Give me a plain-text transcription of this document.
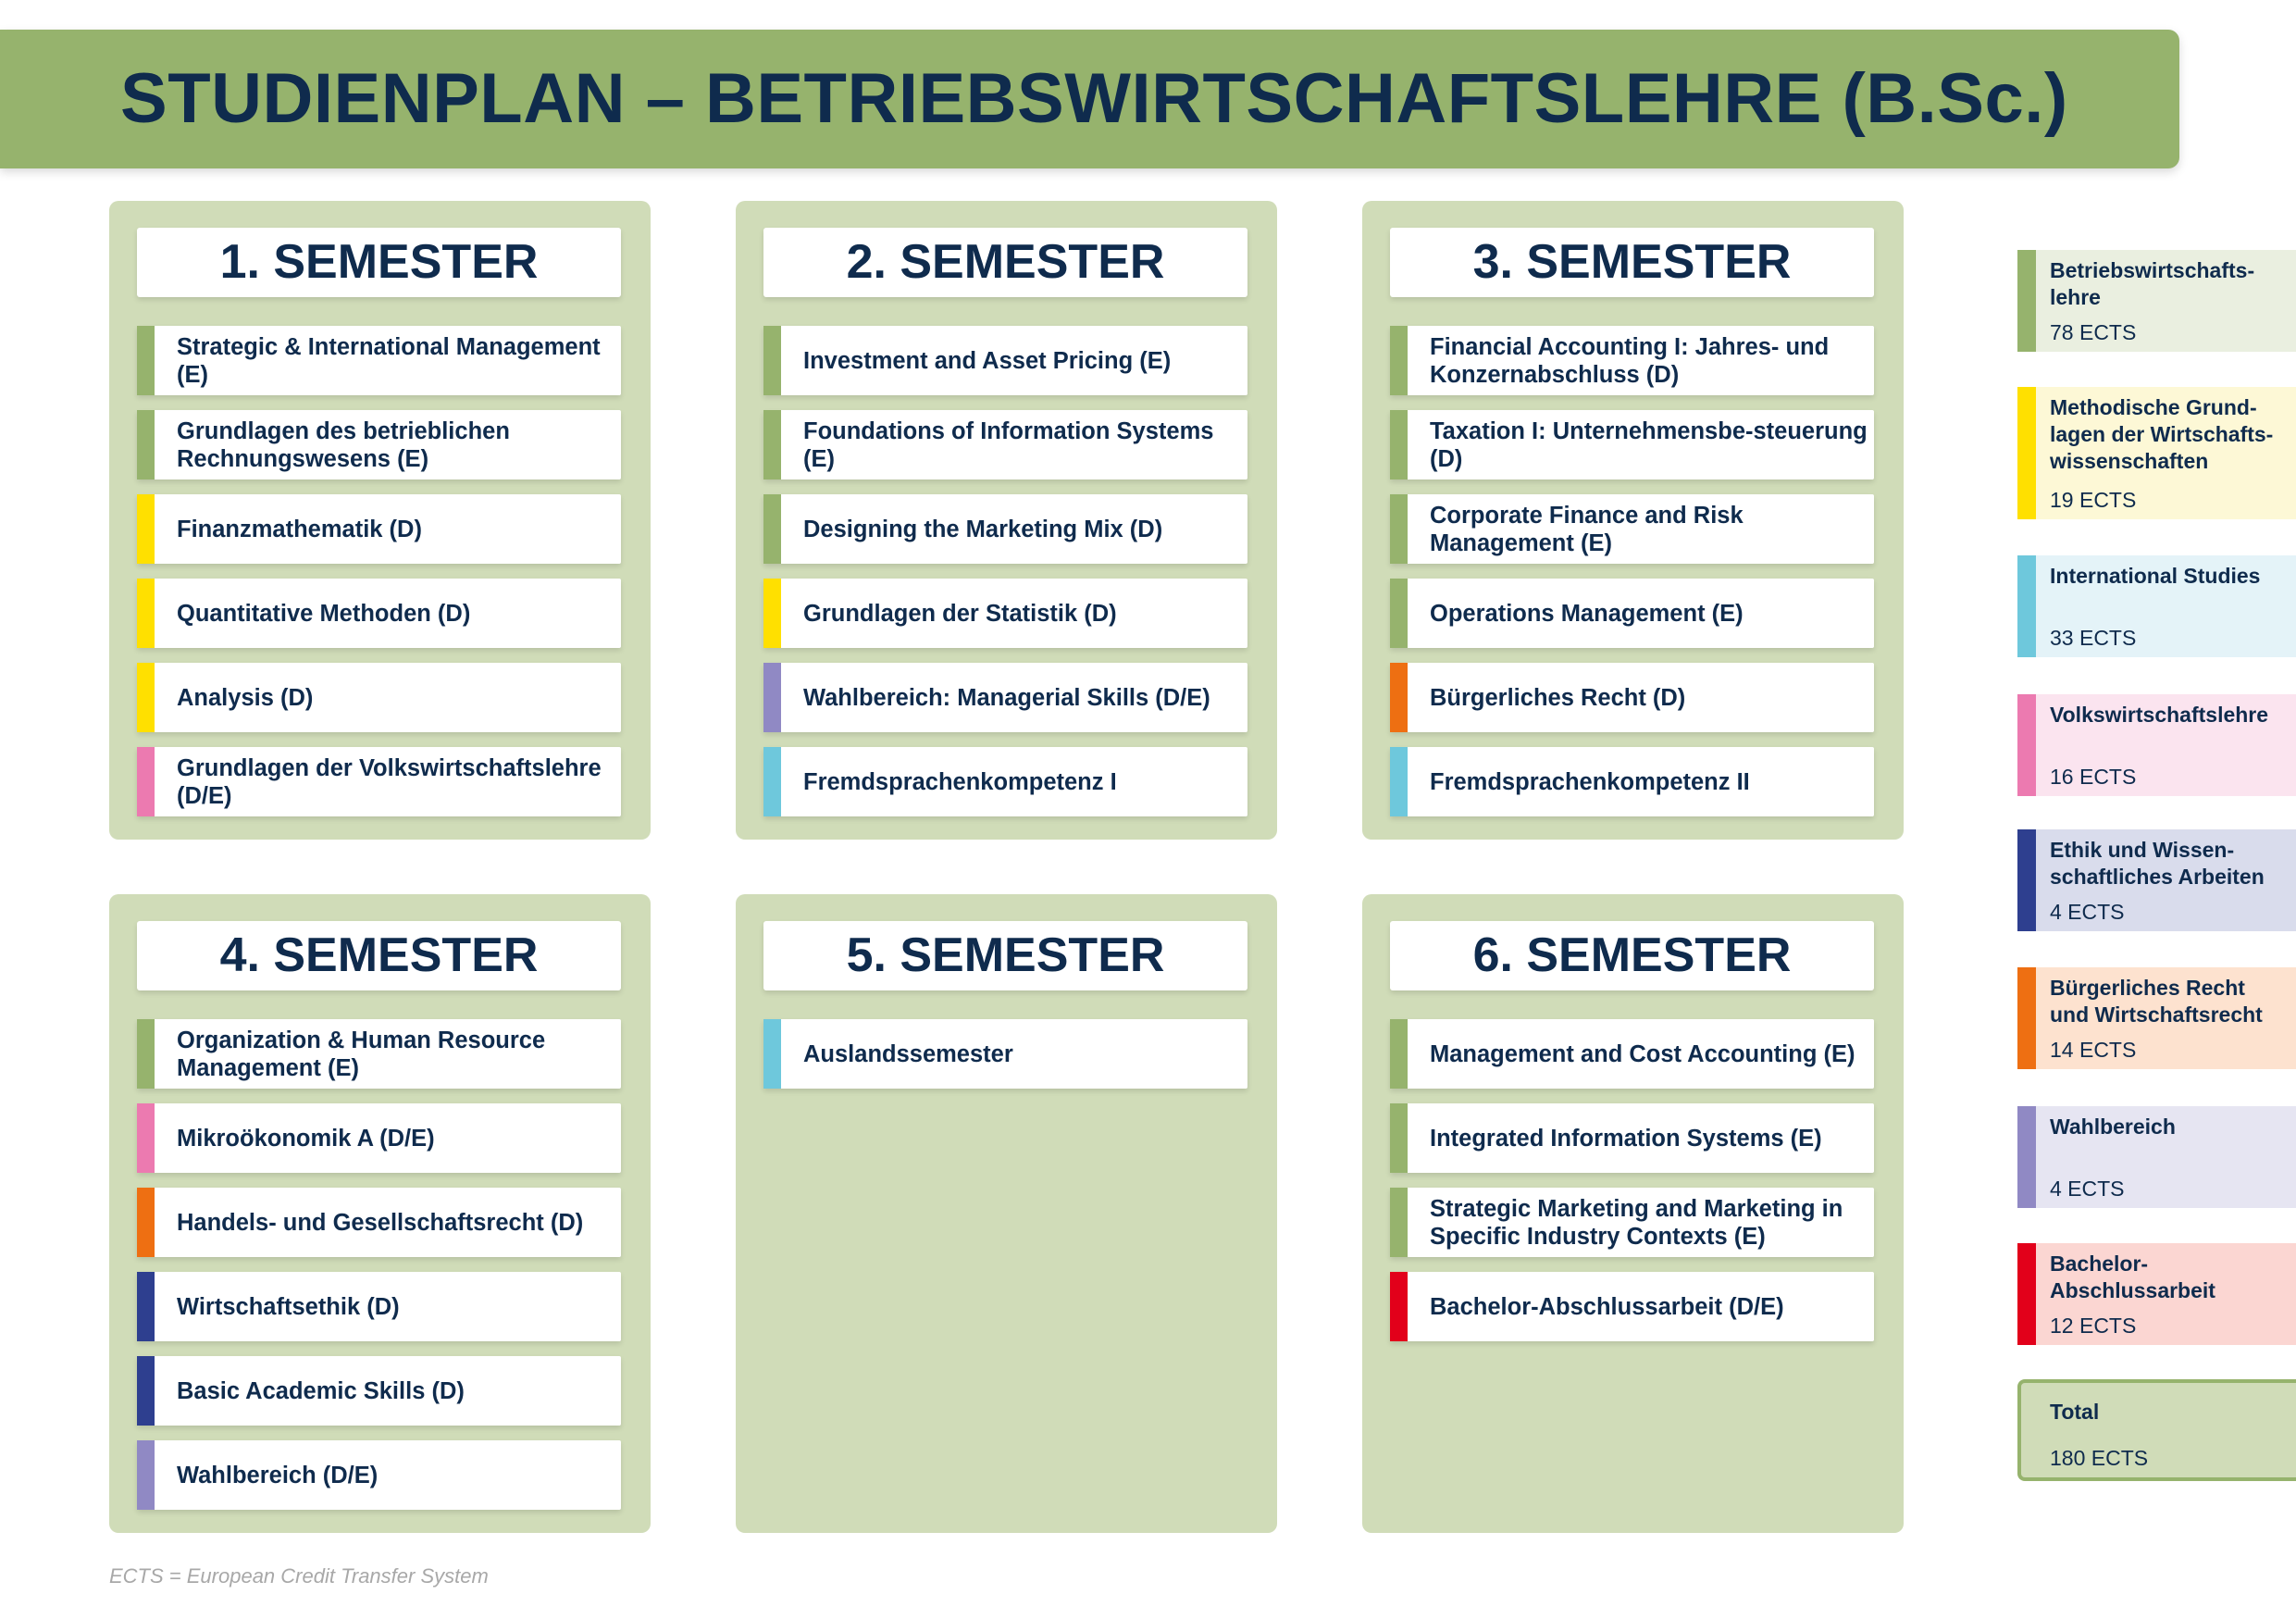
STUDIENPLAN – BETRIEBSWIRTSCHAFTSLEHRE (B.Sc.)
1. SEMESTER
Strategic & International Management (E)
Grundlagen des betrieblichen Rechnungswesens (E)
Finanzmathematik (D)
Quantitative Methoden (D)
Analysis (D)
Grundlagen der Volkswirtschaftslehre (D/E)
2. SEMESTER
Investment and Asset Pricing (E)
Foundations of Information Systems (E)
Designing the Marketing Mix (D)
Grundlagen der Statistik (D)
Wahlbereich: Managerial Skills (D/E)
Fremdsprachenkompetenz I
3. SEMESTER
Financial Accounting I: Jahres- und Konzernabschluss (D)
Taxation I: Unternehmensbe-steuerung (D)
Corporate Finance and Risk Management (E)
Operations Management (E)
Bürgerliches Recht (D)
Fremdsprachenkompetenz II
4. SEMESTER
Organization & Human Resource Management (E)
Mikroökonomik A (D/E)
Handels- und Gesellschaftsrecht (D)
Wirtschaftsethik (D)
Basic Academic Skills (D)
Wahlbereich (D/E)
5. SEMESTER
Auslandssemester
6. SEMESTER
Management and Cost Accounting (E)
Integrated Information Systems (E)
Strategic Marketing and Marketing in Specific Industry Contexts (E)
Bachelor-Abschlussarbeit (D/E)
Betriebswirtschafts-
lehre
78 ECTS
Methodische Grund-
lagen der Wirtschafts-
wissenschaften
19 ECTS
International Studies
33 ECTS
Volkswirtschaftslehre
16 ECTS
Ethik und Wissen-
schaftliches Arbeiten
4 ECTS
Bürgerliches Recht
und Wirtschaftsrecht
14 ECTS
Wahlbereich
4 ECTS
Bachelor-
Abschlussarbeit
12 ECTS
Total
180 ECTS
ECTS = European Credit Transfer System
